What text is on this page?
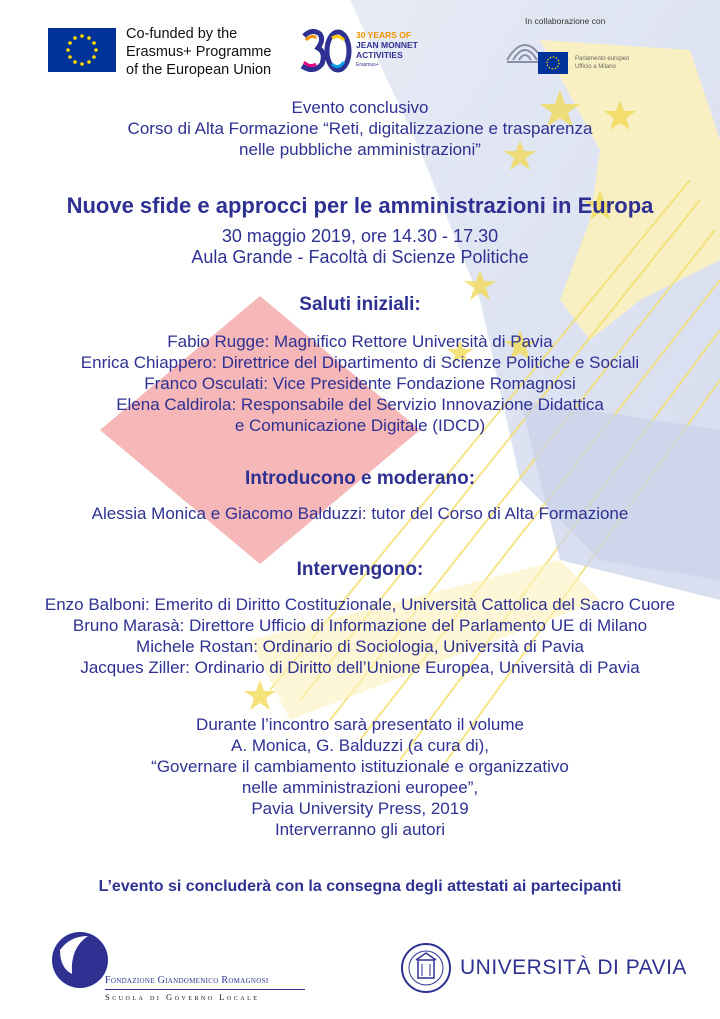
Co-funded by the
Erasmus+ Programme
of the European Union
30 YEARS OF
JEAN MONNET
ACTIVITIES
Erasmus+
In collaborazione con
Parlamento europeo
Ufficio a Milano
Evento conclusivo
Corso di Alta Formazione “Reti, digitalizzazione e trasparenza
nelle pubbliche amministrazioni”
Nuove sfide e approcci per le amministrazioni in Europa
30 maggio 2019, ore 14.30 - 17.30
Aula Grande - Facoltà di Scienze Politiche
Saluti iniziali:
Fabio Rugge: Magnifico Rettore Università di Pavia
Enrica Chiappero: Direttrice del Dipartimento di Scienze Politiche e Sociali
Franco Osculati: Vice Presidente Fondazione Romagnosi
Elena Caldirola: Responsabile del Servizio Innovazione Didattica
e Comunicazione Digitale (IDCD)
Introducono e moderano:
Alessia Monica e Giacomo Balduzzi: tutor del Corso di Alta Formazione
Intervengono:
Enzo Balboni: Emerito di Diritto Costituzionale, Università Cattolica del Sacro Cuore
Bruno Marasà: Direttore Ufficio di Informazione del Parlamento UE di Milano
Michele Rostan: Ordinario di Sociologia, Università di Pavia
Jacques Ziller: Ordinario di Diritto dell’Unione Europea, Università di Pavia
Durante l’incontro sarà presentato il volume
A. Monica, G. Balduzzi (a cura di),
“Governare il cambiamento istituzionale e organizzativo
nelle amministrazioni europee”,
Pavia University Press, 2019
Interverranno gli autori
L’evento si concluderà con la consegna degli attestati ai partecipanti
Fondazione Giandomenico Romagnosi
Scuola di Governo Locale
UNIVERSITÀ DI PAVIA
